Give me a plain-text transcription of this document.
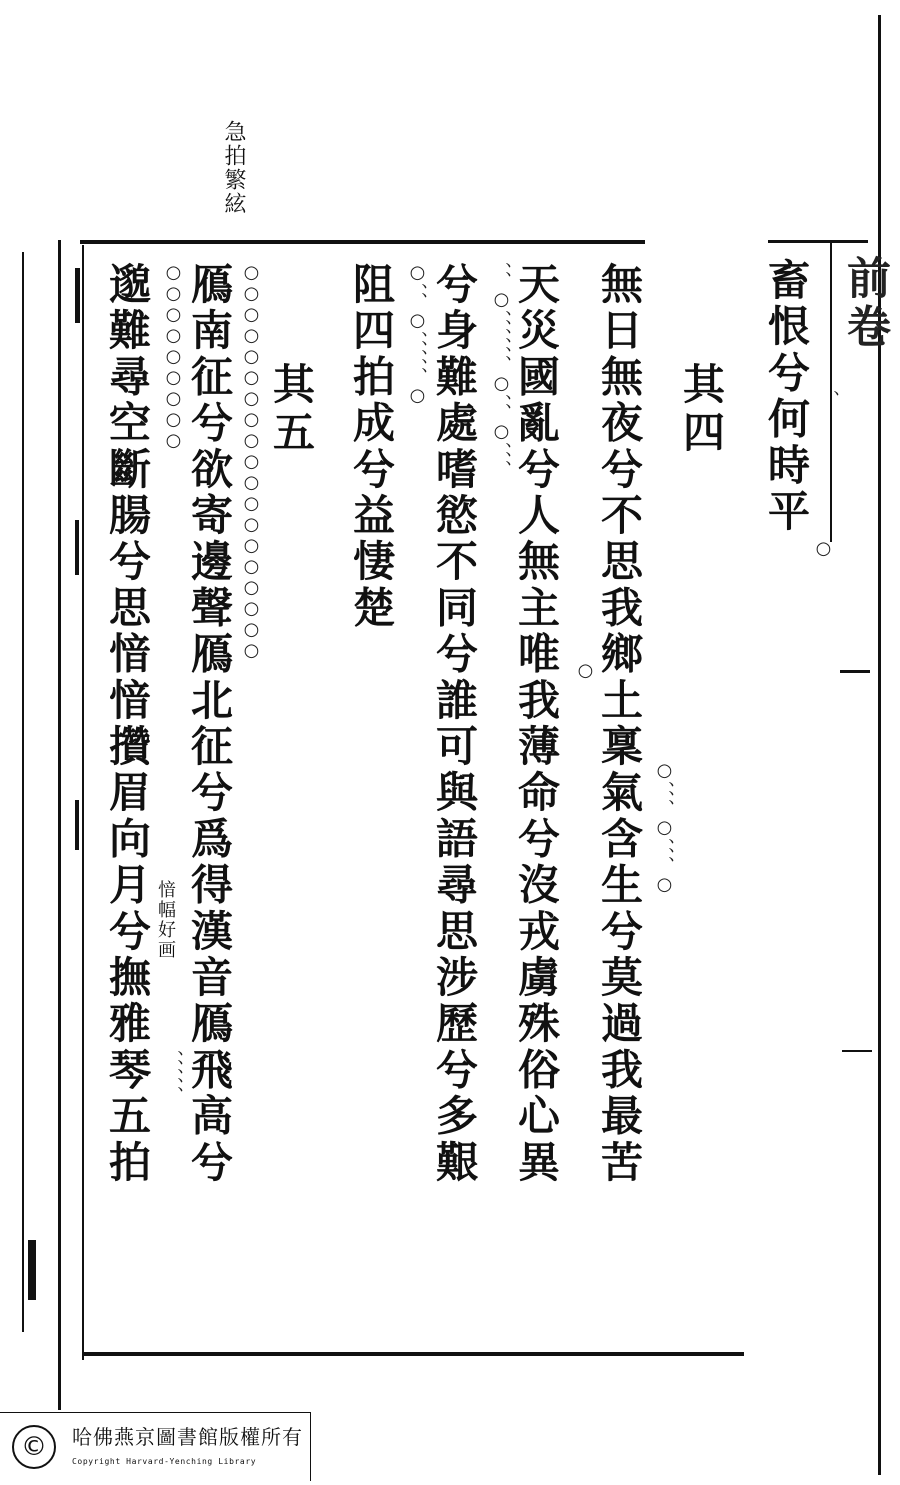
急拍繁絃
前卷
畜恨兮何時平
其四
無日無夜兮不思我鄉土稟氣含生兮莫過我最苦
天災國亂兮人無主唯我薄命兮沒戎虜殊俗心異
兮身難處嗜慾不同兮誰可與語尋思涉歷兮多艱
阻四拍成兮益悽楚
其五
鴈南征兮欲寄邊聲鴈北征兮爲得漢音鴈飛高兮
邈難尋空斷腸兮思愔愔攢眉向月兮撫雅琴五拍 愔幅好画
○、、○、、、、、○	、、○、、、、、、○、、○、、、
○
○、、、○、、、○
○○○○○○○○○○○○○○○○○○○
○○○○○○○○○
、、、、、
、
○
©	哈佛燕京圖書館版權所有
Copyright Harvard-Yenching Library
